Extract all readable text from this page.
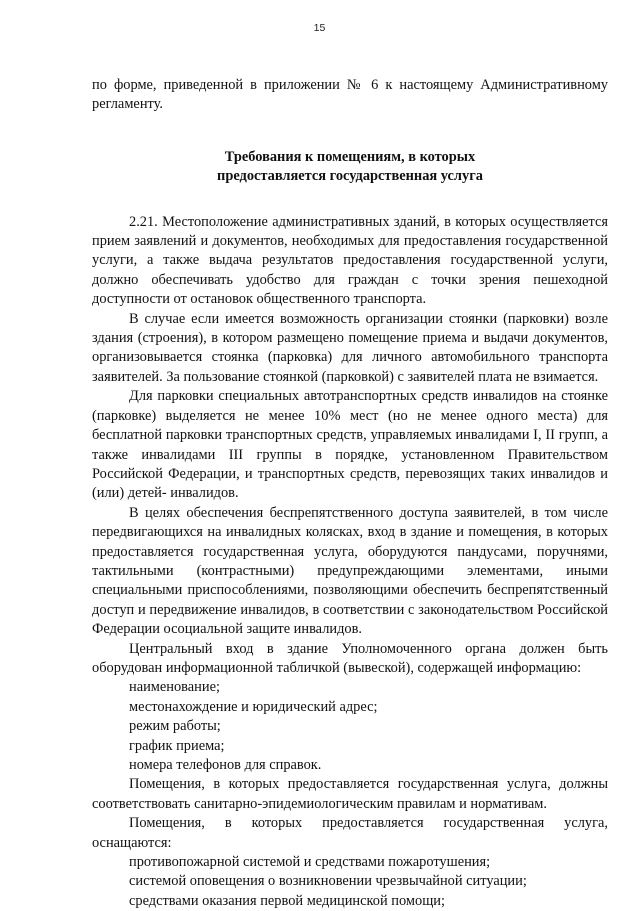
15

по форме, приведенной в приложении № 6 к настоящему Административному регламенту.

Требования к помещениям, в которых
предоставляется государственная услуга

2.21. Местоположение административных зданий, в которых осуществляется прием заявлений и документов, необходимых для предоставления государственной услуги, а также выдача результатов предоставления государственной услуги, должно обеспечивать удобство для граждан с точки зрения пешеходной доступности от остановок общественного транспорта.

В случае если имеется возможность организации стоянки (парковки) возле здания (строения), в котором размещено помещение приема и выдачи документов, организовывается стоянка (парковка) для личного автомобильного транспорта заявителей. За пользование стоянкой (парковкой) с заявителей плата не взимается.

Для парковки специальных автотранспортных средств инвалидов на стоянке (парковке) выделяется не менее 10% мест (но не менее одного места) для бесплатной парковки транспортных средств, управляемых инвалидами I, II групп, а также инвалидами III группы в порядке, установленном Правительством Российской Федерации, и транспортных средств, перевозящих таких инвалидов и (или) детей- инвалидов.

В целях обеспечения беспрепятственного доступа заявителей, в том числе передвигающихся на инвалидных колясках, вход в здание и помещения, в которых предоставляется государственная услуга, оборудуются пандусами, поручнями, тактильными (контрастными) предупреждающими элементами, иными специальными приспособлениями, позволяющими обеспечить беспрепятственный доступ и передвижение инвалидов, в соответствии с законодательством Российской Федерации осоциальной защите инвалидов.

Центральный вход в здание Уполномоченного органа должен быть оборудован информационной табличкой (вывеской), содержащей информацию:

наименование;
местонахождение и юридический адрес;
режим работы;
график приема;
номера телефонов для справок.

Помещения, в которых предоставляется государственная услуга, должны соответствовать санитарно-эпидемиологическим правилам и нормативам.

Помещения, в которых предоставляется государственная услуга, оснащаются:

противопожарной системой и средствами пожаротушения;
системой оповещения о возникновении чрезвычайной ситуации;
средствами оказания первой медицинской помощи;
